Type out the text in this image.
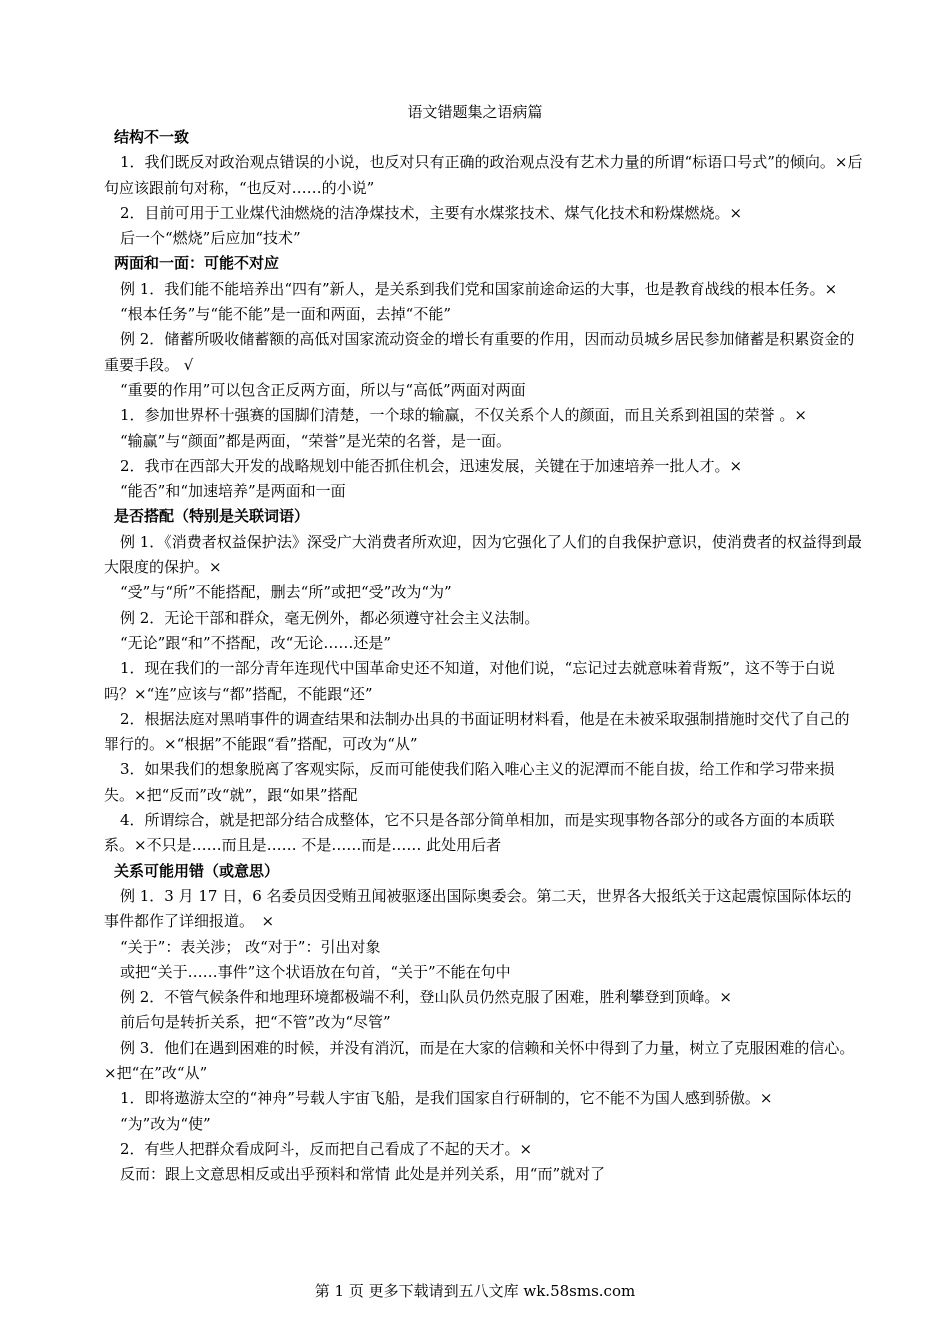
语文错题集之语病篇
结构不一致

1．我们既反对政治观点错误的小说，也反对只有正确的政治观点没有艺术力量的所谓“标语口号式”的倾向。×后句应该跟前句对称，“也反对……的小说”

2．目前可用于工业煤代油燃烧的洁净煤技术，主要有水煤浆技术、煤气化技术和粉煤燃烧。×

后一个“燃烧”后应加“技术”

两面和一面：可能不对应

例 1．我们能不能培养出“四有”新人，是关系到我们党和国家前途命运的大事，也是教育战线的根本任务。×

“根本任务”与“能不能”是一面和两面，去掉“不能”

例 2．储蓄所吸收储蓄额的高低对国家流动资金的增长有重要的作用，因而动员城乡居民参加储蓄是积累资金的重要手段。 √

“重要的作用”可以包含正反两方面，所以与“高低”两面对两面

1．参加世界杯十强赛的国脚们清楚，一个球的输赢，不仅关系个人的颜面，而且关系到祖国的荣誉 。×

“输赢”与“颜面”都是两面，“荣誉”是光荣的名誉，是一面。

2．我市在西部大开发的战略规划中能否抓住机会，迅速发展，关键在于加速培养一批人才。×

“能否”和“加速培养”是两面和一面

是否搭配（特别是关联词语）

例 1．《消费者权益保护法》深受广大消费者所欢迎，因为它强化了人们的自我保护意识，使消费者的权益得到最大限度的保护。×

“受”与“所”不能搭配，删去“所”或把“受”改为“为”

例 2．无论干部和群众，毫无例外，都必须遵守社会主义法制。

“无论”跟“和”不搭配，改“无论……还是”

1．现在我们的一部分青年连现代中国革命史还不知道，对他们说，“忘记过去就意味着背叛”，这不等于白说吗？×“连”应该与“都”搭配，不能跟“还”

2．根据法庭对黑哨事件的调查结果和法制办出具的书面证明材料看，他是在未被采取强制措施时交代了自己的罪行的。×“根据”不能跟“看”搭配，可改为“从”

3．如果我们的想象脱离了客观实际，反而可能使我们陷入唯心主义的泥潭而不能自拔，给工作和学习带来损失。×把“反而”改“就”，跟“如果”搭配

4．所谓综合，就是把部分结合成整体，它不只是各部分简单相加，而是实现事物各部分的或各方面的本质联系。×不只是……而且是…… 不是……而是…… 此处用后者

关系可能用错（或意思）

例 1．3 月 17 日，6 名委员因受贿丑闻被驱逐出国际奥委会。第二天，世界各大报纸关于这起震惊国际体坛的事件都作了详细报道。　×

“关于”：表关涉； 改“对于”：引出对象

或把“关于……事件”这个状语放在句首，“关于”不能在句中

例 2．不管气候条件和地理环境都极端不利，登山队员仍然克服了困难，胜利攀登到顶峰。×

前后句是转折关系，把“不管”改为“尽管”

例 3．他们在遇到困难的时候，并没有消沉，而是在大家的信赖和关怀中得到了力量，树立了克服困难的信心。×把“在”改“从”

1．即将遨游太空的“神舟”号载人宇宙飞船，是我们国家自行研制的，它不能不为国人感到骄傲。×

“为”改为“使”

2．有些人把群众看成阿斗，反而把自己看成了不起的天才。×

反而：跟上文意思相反或出乎预料和常情 此处是并列关系，用“而”就对了

第 1 页 更多下载请到五八文库 wk.58sms.com
